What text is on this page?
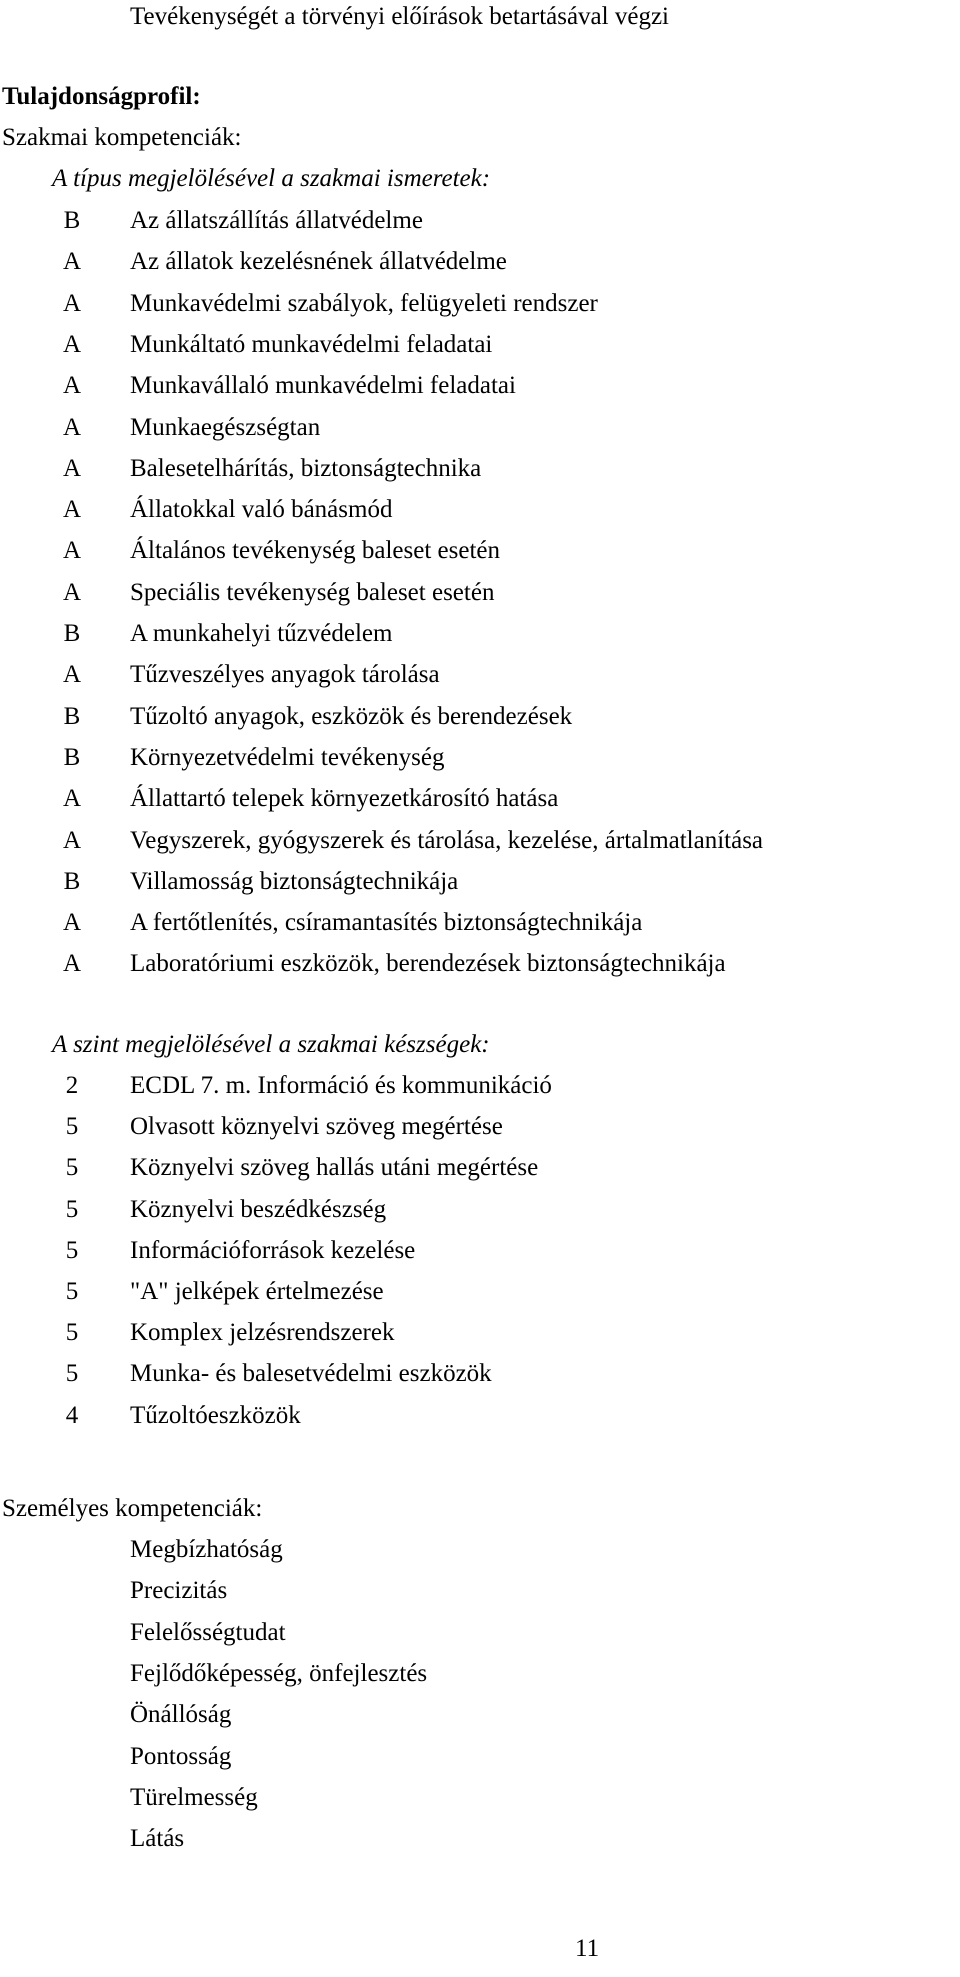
Tevékenységét a törvényi előírások betartásával végzi
Tulajdonságprofil:
Szakmai kompetenciák:
A típus megjelölésével a szakmai ismeretek:
B Az állatszállítás állatvédelme
A Az állatok kezelésnének állatvédelme
A Munkavédelmi szabályok, felügyeleti rendszer
A Munkáltató munkavédelmi feladatai
A Munkavállaló munkavédelmi feladatai
A Munkaegészségtan
A Balesetelhárítás, biztonságtechnika
A Állatokkal való bánásmód
A Általános tevékenység baleset esetén
A Speciális tevékenység baleset esetén
B A munkahelyi tűzvédelem
A Tűzveszélyes anyagok tárolása
B Tűzoltó anyagok, eszközök és berendezések
B Környezetvédelmi tevékenység
A Állattartó telepek környezetkárosító hatása
A Vegyszerek, gyógyszerek és tárolása, kezelése, ártalmatlanítása
B Villamosság biztonságtechnikája
A A fertőtlenítés, csíramantasítés biztonságtechnikája
A Laboratóriumi eszközök, berendezések biztonságtechnikája
A szint megjelölésével a szakmai készségek:
2 ECDL 7. m. Információ és kommunikáció
5 Olvasott köznyelvi szöveg megértése
5 Köznyelvi szöveg hallás utáni megértése
5 Köznyelvi beszédkészség
5 Információforrások kezelése
5 "A" jelképek értelmezése
5 Komplex jelzésrendszerek
5 Munka- és balesetvédelmi eszközök
4 Tűzoltóeszközök
Személyes kompetenciák:
Megbízhatóság
Precizitás
Felelősségtudat
Fejlődőképesség, önfejlesztés
Önállóság
Pontosság
Türelmesség
Látás
11
